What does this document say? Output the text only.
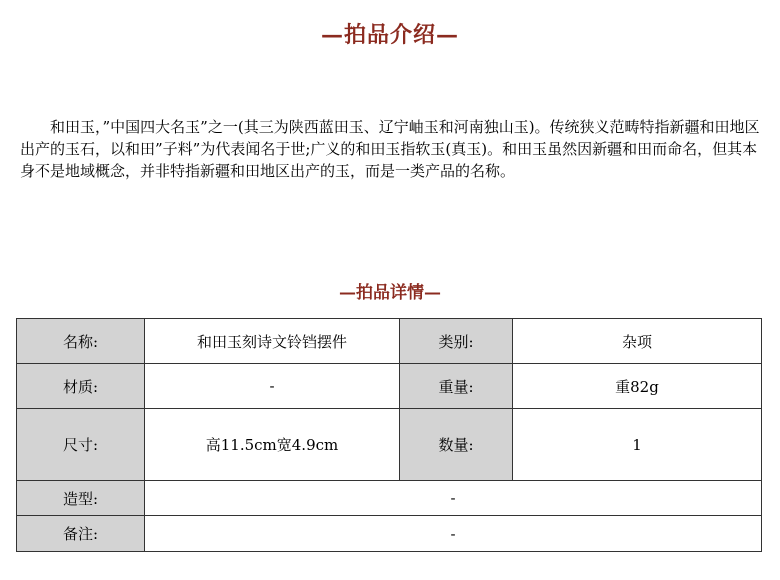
—拍品介绍—

和田玉，”中国四大名玉”之一(其三为陕西蓝田玉、辽宁岫玉和河南独山玉)。传统狭义范畴特指新疆和田地区出产的玉石，以和田”子料”为代表闻名于世;广义的和田玉指软玉(真玉)。和田玉虽然因新疆和田而命名，但其本身不是地域概念，并非特指新疆和田地区出产的玉，而是一类产品的名称。

—拍品详情—
名称:	和田玉刻诗文铃铛摆件	类别:	杂项
材质:	-	重量:	重82g
尺寸:	高11.5cm宽4.9cm	数量:	1
造型:	-		
备注:	-		
